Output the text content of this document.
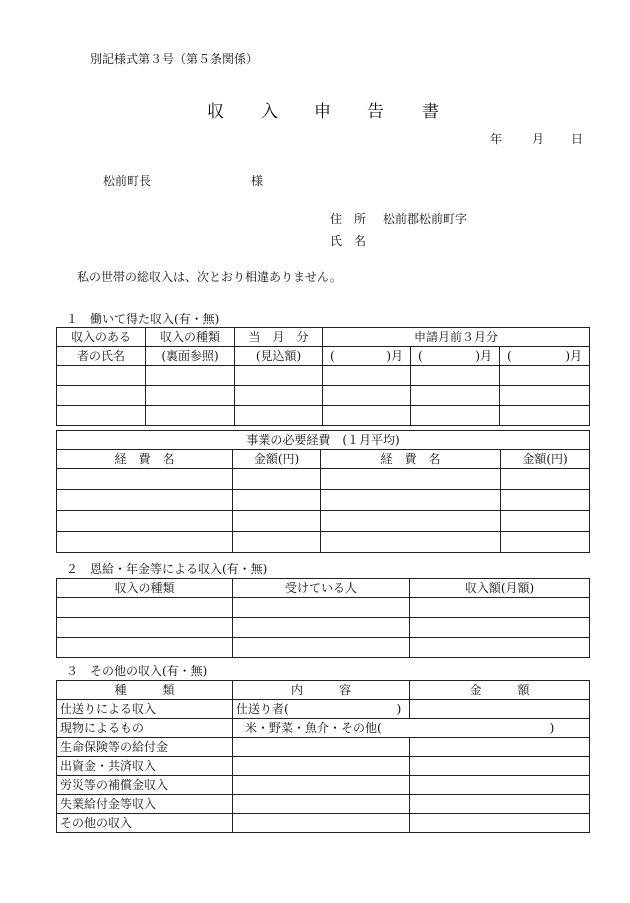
別記様式第３号（第５条関係）
収 入 申 告 書
年 月 日
松前町長	様
住　所 松前郡松前町字
氏　名
私の世帯の総収入は、次とおり相違ありません。
１　働いて得た収入(有・無)
収入のある	収入の種類	当　月　分	申請月前３月分		
者の氏名	(裏面参照)	(見込額)	( )月	( )月	( )月

事業の必要経費　(１月平均)			
経　費　名	金額(円)	経　費　名	金額(円)

２　恩給・年金等による収入(有・無)
収入の種類	受けている人	収入額(月額)

３　その他の収入(有・無)
種　　　類	内　　　容	金　　　額
仕送りによる収入	仕送り者(　　　　　　　　　)	
現物によるもの	米・野菜・魚介・その他(　　　　　　　　　　　　　　)	
生命保険等の給付金		
出資金・共済収入		
労災等の補償金収入		
失業給付金等収入		
その他の収入		
